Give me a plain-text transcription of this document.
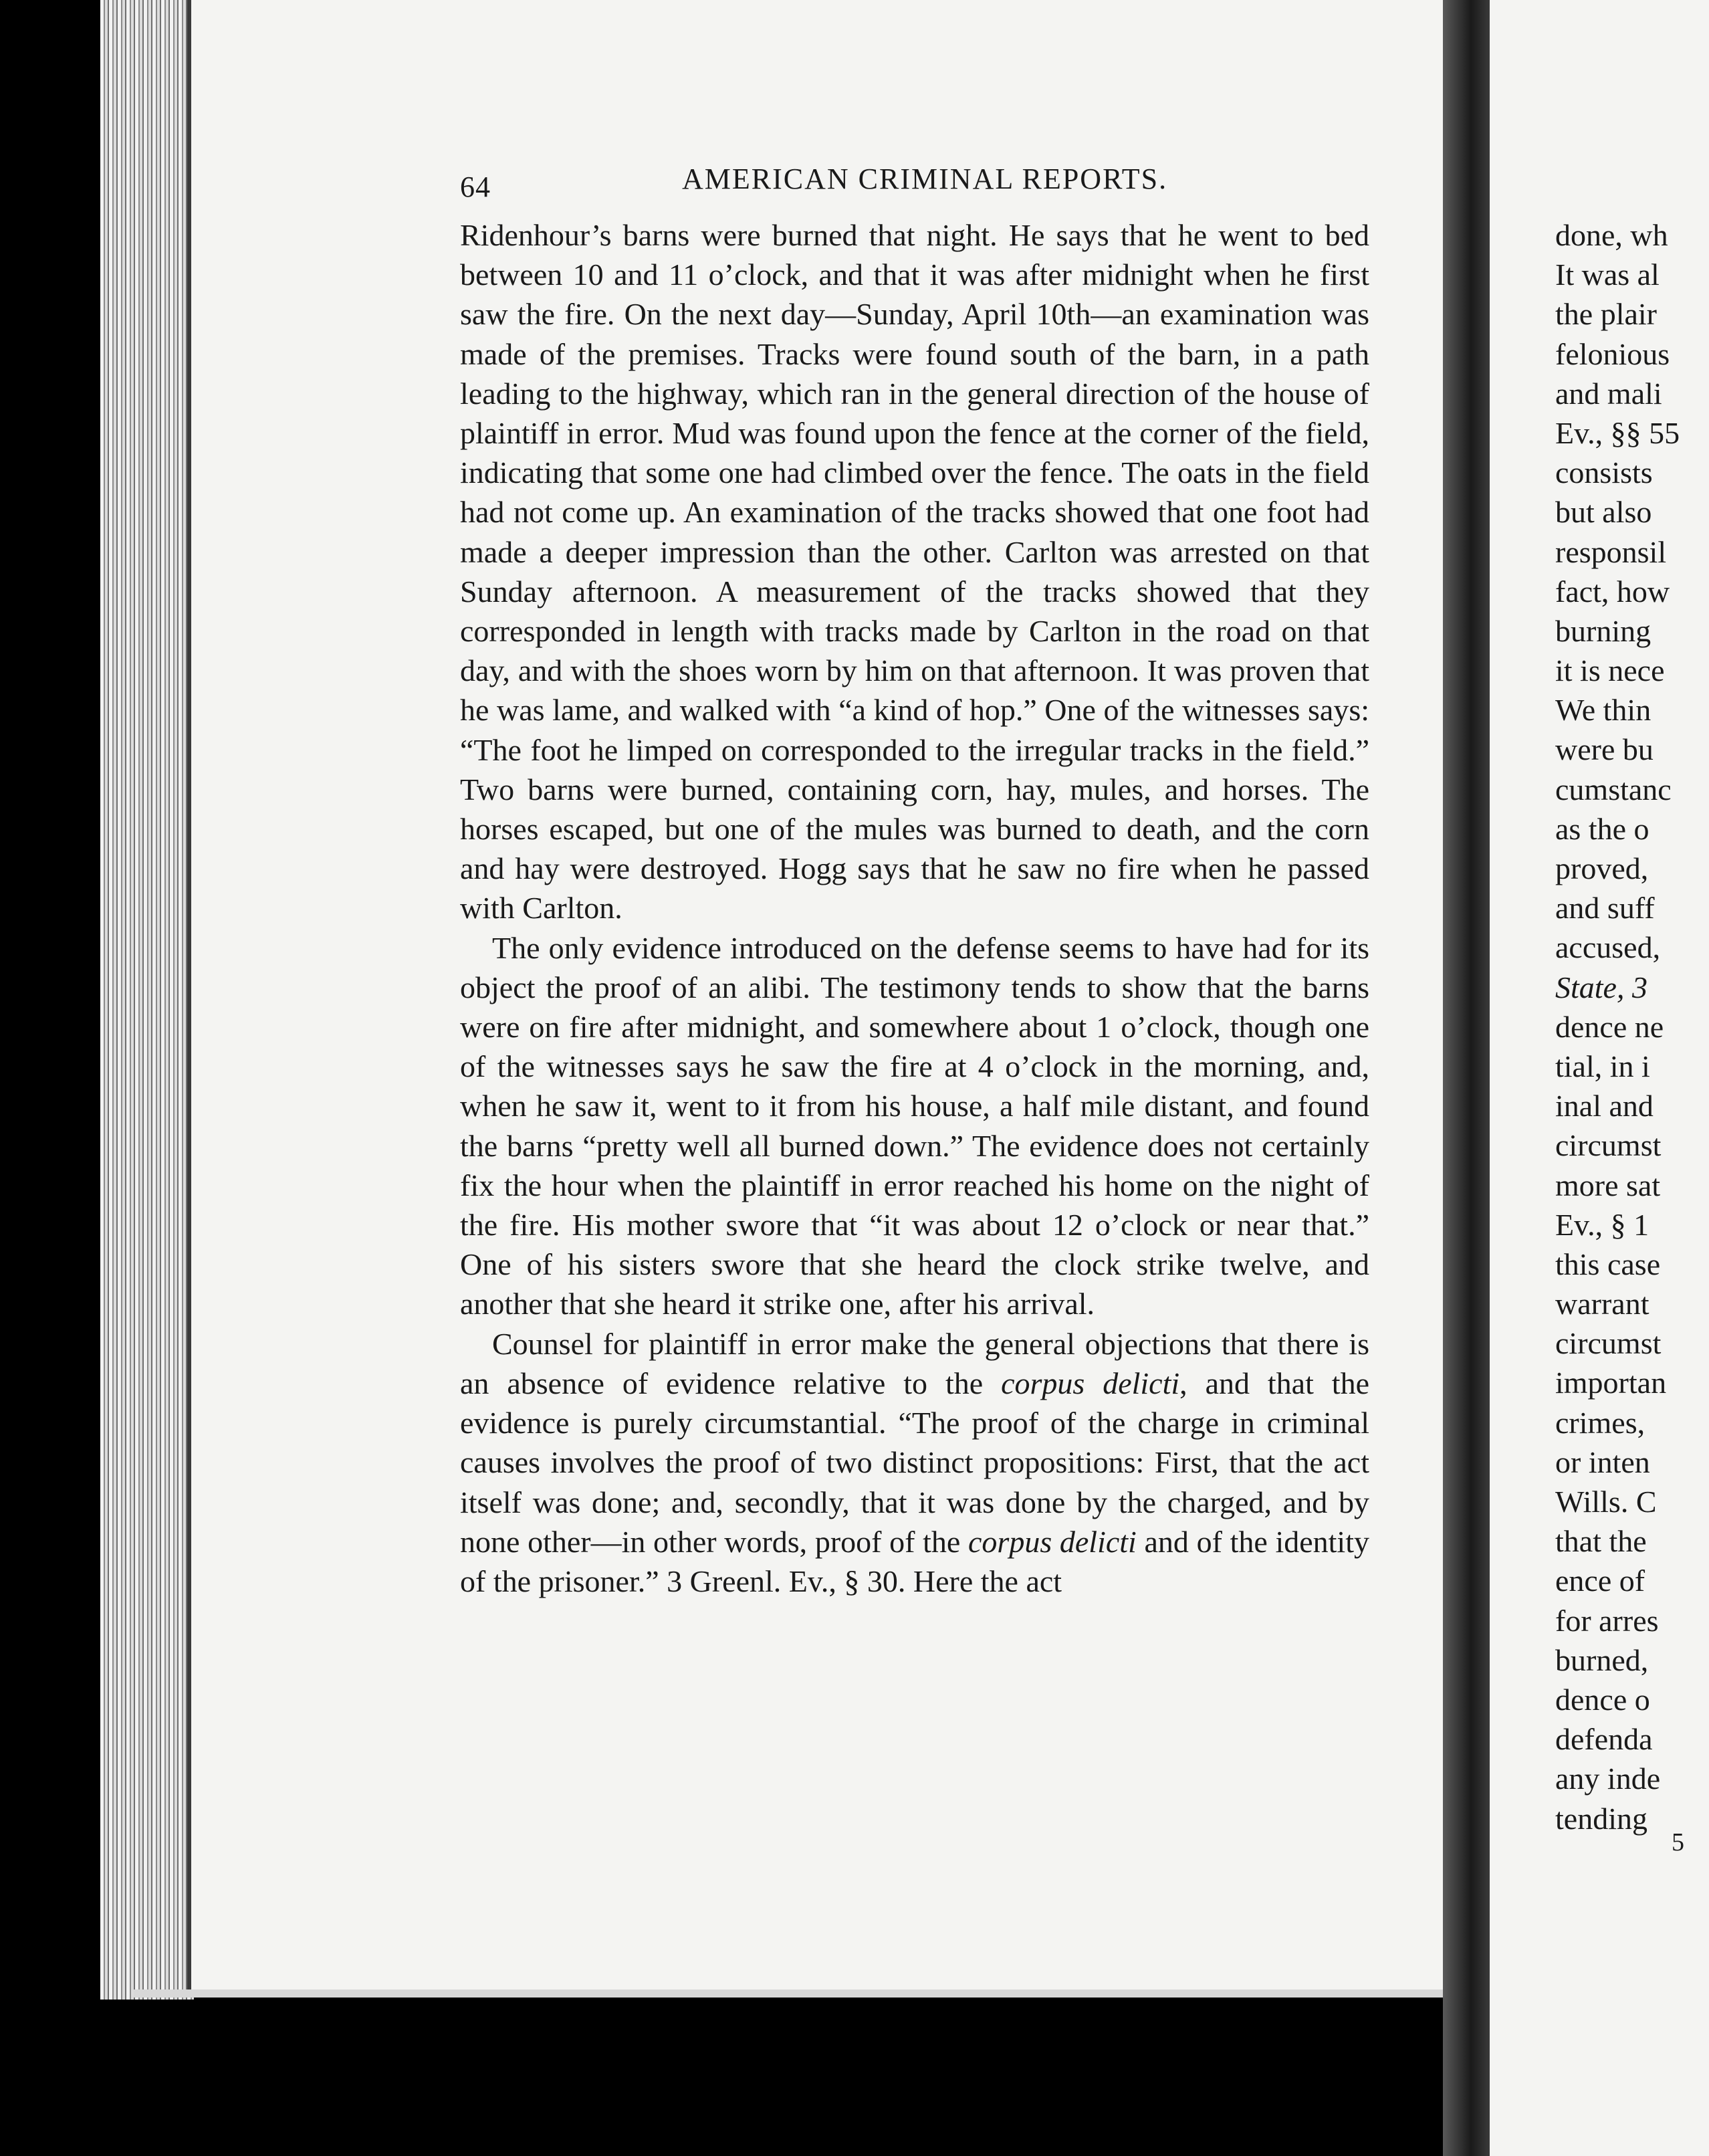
64	AMERICAN CRIMINAL REPORTS.

Ridenhour’s barns were burned that night. He says that he went to bed between 10 and 11 o’clock, and that it was after midnight when he first saw the fire. On the next day—Sunday, April 10th—an examination was made of the premises. Tracks were found south of the barn, in a path leading to the highway, which ran in the general direction of the house of plaintiff in error. Mud was found upon the fence at the corner of the field, indicating that some one had climbed over the fence. The oats in the field had not come up. An examination of the tracks showed that one foot had made a deeper impression than the other. Carlton was arrested on that Sunday afternoon. A measurement of the tracks showed that they corresponded in length with tracks made by Carlton in the road on that day, and with the shoes worn by him on that afternoon. It was proven that he was lame, and walked with “a kind of hop.” One of the witnesses says: “The foot he limped on corresponded to the irregular tracks in the field.” Two barns were burned, containing corn, hay, mules, and horses. The horses escaped, but one of the mules was burned to death, and the corn and hay were destroyed. Hogg says that he saw no fire when he passed with Carlton.

The only evidence introduced on the defense seems to have had for its object the proof of an alibi. The testimony tends to show that the barns were on fire after midnight, and somewhere about 1 o’clock, though one of the witnesses says he saw the fire at 4 o’clock in the morning, and, when he saw it, went to it from his house, a half mile distant, and found the barns “pretty well all burned down.” The evidence does not certainly fix the hour when the plaintiff in error reached his home on the night of the fire. His mother swore that “it was about 12 o’clock or near that.” One of his sisters swore that she heard the clock strike twelve, and another that she heard it strike one, after his arrival.

Counsel for plaintiff in error make the general objections that there is an absence of evidence relative to the corpus delicti, and that the evidence is purely circumstantial. “The proof of the charge in criminal causes involves the proof of two distinct propositions: First, that the act itself was done; and, secondly, that it was done by the charged, and by none other—in other words, proof of the corpus delicti and of the identity of the prisoner.” 3 Greenl. Ev., § 30. Here the act

done, wh
It was al
the plair
felonious
and mali
Ev., §§ 55
consists
but also
responsil
fact, how
burning
it is nece
We thin
were bu
cumstanc
as the o
proved,
and suff
accused,
State, 3
dence ne
tial, in i
inal and
circumst
more sat
Ev., § 1
this case
warrant
circumst
importan
crimes,
or inten
Wills. C
that the
ence of
for arres
burned,
dence o
defenda
any inde
tending
5
